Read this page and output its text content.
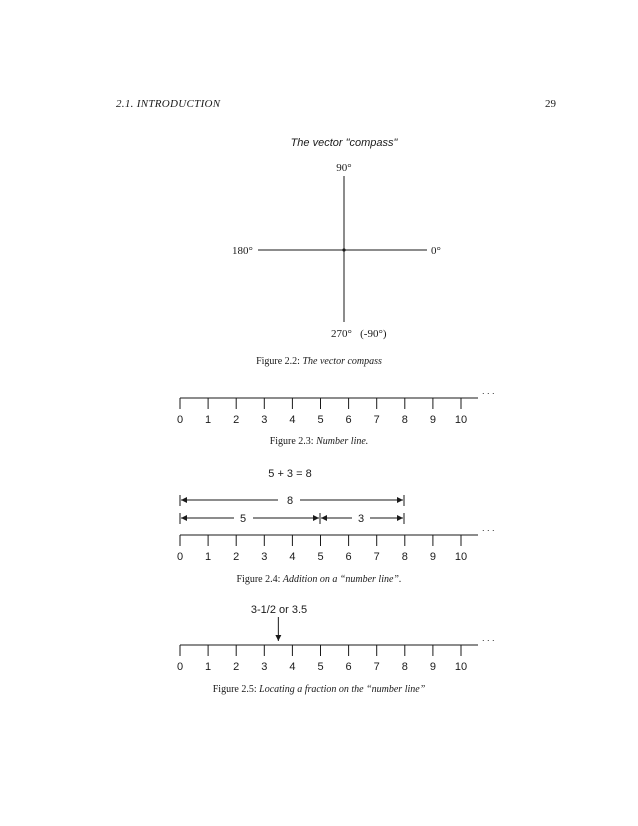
2.1. INTRODUCTION	29
The vector "compass"
90°
180°	0°
270°   (-90°)
0 1 2 3 4 5 6 7 8 9 10
. . .
5 + 3 = 8
8
5	3
0 1 2 3 4 5 6 7 8 9 10
. . .
3-1/2 or 3.5
0 1 2 3 4 5 6 7 8 9 10
. . .
Figure 2.2: The vector compass
Figure 2.3: Number line.
Figure 2.4: Addition on a “number line”.
Figure 2.5: Locating a fraction on the “number line”
